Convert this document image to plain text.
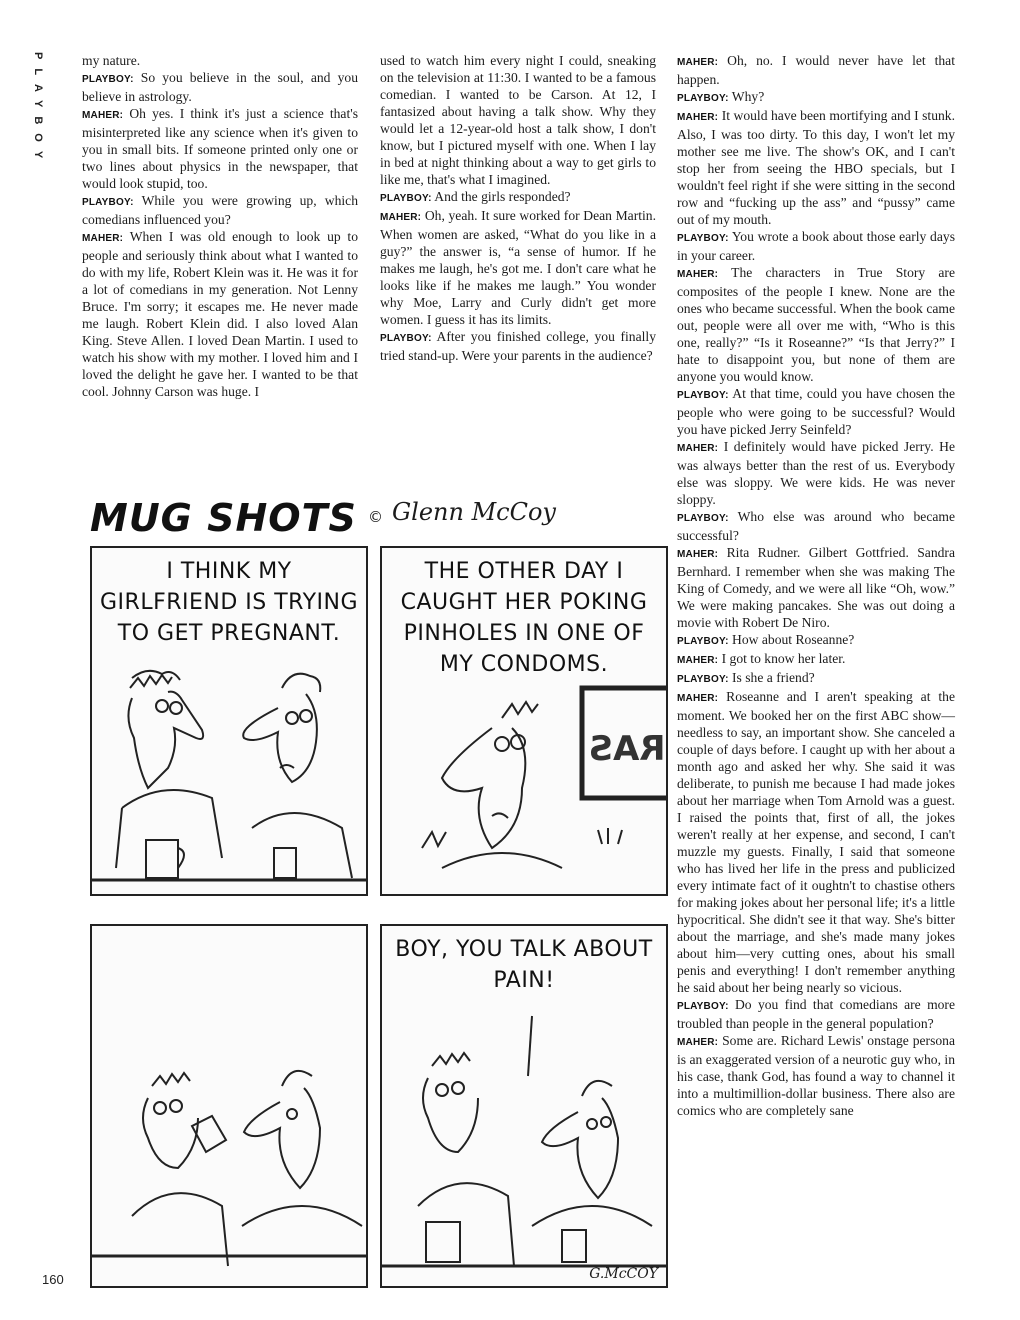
PLAYBOY	my nature.

PLAYBOY: So you believe in the soul, and you believe in astrology.

MAHER: Oh yes. I think it's just a science that's misinterpreted like any science when it's given to you in small bits. If someone printed only one or two lines about physics in the newspaper, that would look stupid, too.

PLAYBOY: While you were growing up, which comedians influenced you?

MAHER: When I was old enough to look up to people and seriously think about what I wanted to do with my life, Robert Klein was it. He was it for a lot of comedians in my generation. Not Lenny Bruce. I'm sorry; it escapes me. He never made me laugh. Robert Klein did. I also loved Alan King. Steve Allen. I loved Dean Martin. I used to watch his show with my mother. I loved him and I loved the delight he gave her. I wanted to be that cool. Johnny Carson was huge. I

used to watch him every night I could, sneaking on the television at 11:30. I wanted to be a famous comedian. I wanted to be Carson. At 12, I fantasized about having a talk show. Why they would let a 12-year-old host a talk show, I don't know, but I pictured myself with one. When I lay in bed at night thinking about a way to get girls to like me, that's what I imagined.

PLAYBOY: And the girls responded?

MAHER: Oh, yeah. It sure worked for Dean Martin. When women are asked, “What do you like in a guy?” the answer is, “a sense of humor. If he makes me laugh, he's got me. I don't care what he looks like if he makes me laugh.” You wonder why Moe, Larry and Curly didn't get more women. I guess it has its limits.

PLAYBOY: After you finished college, you finally tried stand-up. Were your parents in the audience?

MAHER: Oh, no. I would never have let that happen.

PLAYBOY: Why?

MAHER: It would have been mortifying and I stunk. Also, I was too dirty. To this day, I won't let my mother see me live. The show's OK, and I can't stop her from seeing the HBO specials, but I wouldn't feel right if she were sitting in the second row and “fucking up the ass” and “pussy” came out of my mouth.

PLAYBOY: You wrote a book about those early days in your career.

MAHER: The characters in True Story are composites of the people I knew. None are the ones who became successful. When the book came out, people were all over me with, “Who is this one, really?” “Is it Roseanne?” “Is that Jerry?” I hate to disappoint you, but none of them are anyone you would know.

PLAYBOY: At that time, could you have chosen the people who were going to be successful? Would you have picked Jerry Seinfeld?

MAHER: I definitely would have picked Jerry. He was always better than the rest of us. Everybody else was sloppy. We were kids. He was never sloppy.

PLAYBOY: Who else was around who became successful?

MAHER: Rita Rudner. Gilbert Gottfried. Sandra Bernhard. I remember when she was making The King of Comedy, and we were all like “Oh, wow.” We were making pancakes. She was out doing a movie with Robert De Niro.

PLAYBOY: How about Roseanne?

MAHER: I got to know her later.

PLAYBOY: Is she a friend?

MAHER: Roseanne and I aren't speaking at the moment. We booked her on the first ABC show—needless to say, an important show. She canceled a couple of days before. I caught up with her about a month ago and asked her why. She said it was deliberate, to punish me because I had made jokes about her marriage when Tom Arnold was a guest. I raised the points that, first of all, the jokes weren't really at her expense, and second, I can't muzzle my guests. Finally, I said that someone who has lived her life in the press and publicized every intimate fact of it oughtn't to chastise others for making jokes about her personal life; it's a little hypocritical. She didn't see it that way. She's bitter about the marriage, and she's made many jokes about him—very cutting ones, about his small penis and everything! I don't remember anything he said about her being nearly so vicious.

PLAYBOY: Do you find that comedians are more troubled than people in the general population?

MAHER: Some are. Richard Lewis' onstage persona is an exaggerated version of a neurotic guy who, in his case, thank God, has found a way to channel it into a multimillion-dollar business. There also are comics who are completely sane

MUG SHOTS © Glenn McCoy
I THINK MY GIRLFRIEND IS TRYING TO GET PREGNANT.
THE OTHER DAY I CAUGHT HER POKING PINHOLES IN ONE OF MY CONDOMS.
RAS
BOY, YOU TALK ABOUT PAIN!
G.McCOY
160
